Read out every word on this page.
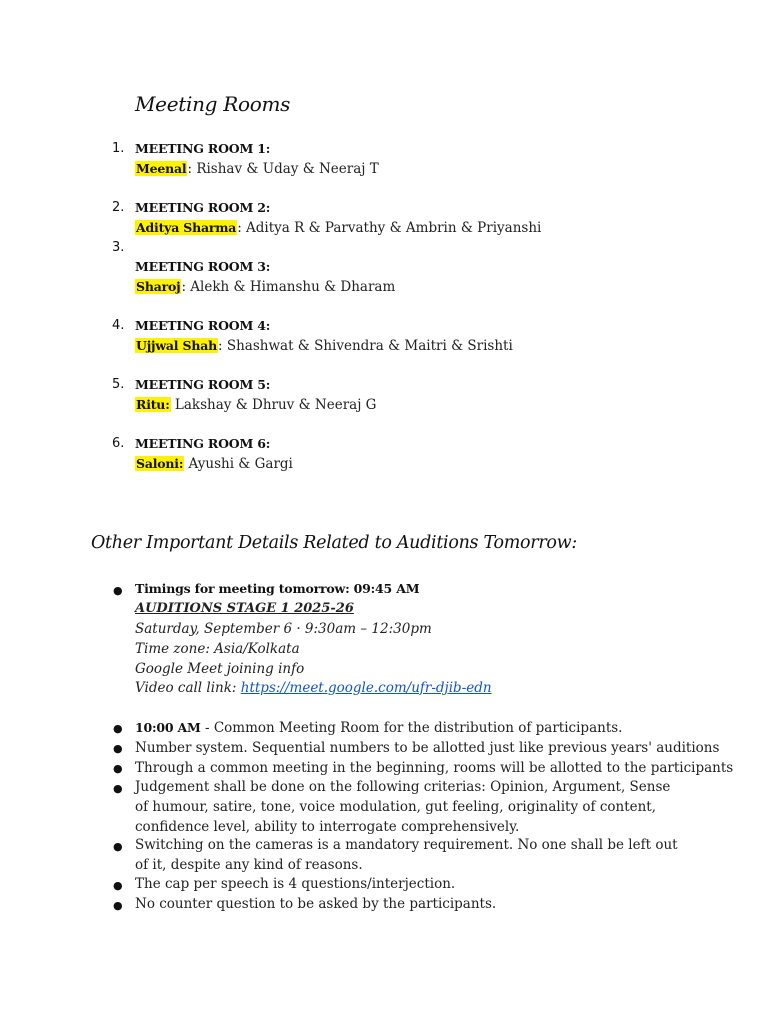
Meeting Rooms
1. MEETING ROOM 1:
Meenal: Rishav & Uday & Neeraj T
2. MEETING ROOM 2:
Aditya Sharma: Aditya R & Parvathy & Ambrin & Priyanshi
3.
MEETING ROOM 3:
Sharoj: Alekh & Himanshu & Dharam
4. MEETING ROOM 4:
Ujjwal Shah: Shashwat & Shivendra & Maitri & Srishti
5. MEETING ROOM 5:
Ritu: Lakshay & Dhruv & Neeraj G
6. MEETING ROOM 6:
Saloni: Ayushi & Gargi
Other Important Details Related to Auditions Tomorrow:
● Timings for meeting tomorrow: 09:45 AM
AUDITIONS STAGE 1 2025-26
Saturday, September 6 · 9:30am – 12:30pm
Time zone: Asia/Kolkata
Google Meet joining info
Video call link: https://meet.google.com/ufr-djib-edn
● 10:00 AM - Common Meeting Room for the distribution of participants.
● Number system. Sequential numbers to be allotted just like previous years' auditions
● Through a common meeting in the beginning, rooms will be allotted to the participants
● Judgement shall be done on the following criterias: Opinion, Argument, Sense of humour, satire, tone, voice modulation, gut feeling, originality of content, confidence level, ability to interrogate comprehensively.
● Switching on the cameras is a mandatory requirement. No one shall be left out of it, despite any kind of reasons.
● The cap per speech is 4 questions/interjection.
● No counter question to be asked by the participants.
